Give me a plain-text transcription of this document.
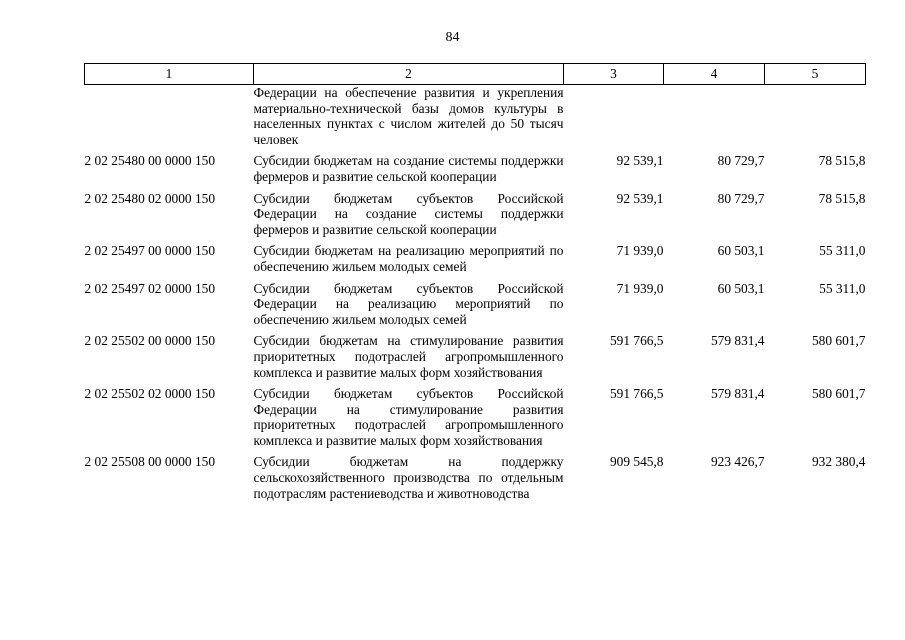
84
1	2	3	4	5
	Федерации на обеспечение развития и укрепления материально-технической базы домов культуры в населенных пунктах с числом жителей до 50 тысяч человек			
2 02 25480 00 0000 150	Субсидии бюджетам на создание системы поддержки фермеров и развитие сельской кооперации	92 539,1	80 729,7	78 515,8
2 02 25480 02 0000 150	Субсидии бюджетам субъектов Российской Федерации на создание системы поддержки фермеров и развитие сельской кооперации	92 539,1	80 729,7	78 515,8
2 02 25497 00 0000 150	Субсидии бюджетам на реализацию мероприятий по обеспечению жильем молодых семей	71 939,0	60 503,1	55 311,0
2 02 25497 02 0000 150	Субсидии бюджетам субъектов Российской Федерации на реализацию мероприятий по обеспечению жильем молодых семей	71 939,0	60 503,1	55 311,0
2 02 25502 00 0000 150	Субсидии бюджетам на стимулирование развития приоритетных подотраслей агропромышленного комплекса и развитие малых форм хозяйствования	591 766,5	579 831,4	580 601,7
2 02 25502 02 0000 150	Субсидии бюджетам субъектов Российской Федерации на стимулирование развития приоритетных подотраслей агропромышленного комплекса и развитие малых форм хозяйствования	591 766,5	579 831,4	580 601,7
2 02 25508 00 0000 150	Субсидии бюджетам на поддержку сельскохозяйственного производства по отдельным подотраслям растениеводства и животноводства	909 545,8	923 426,7	932 380,4
